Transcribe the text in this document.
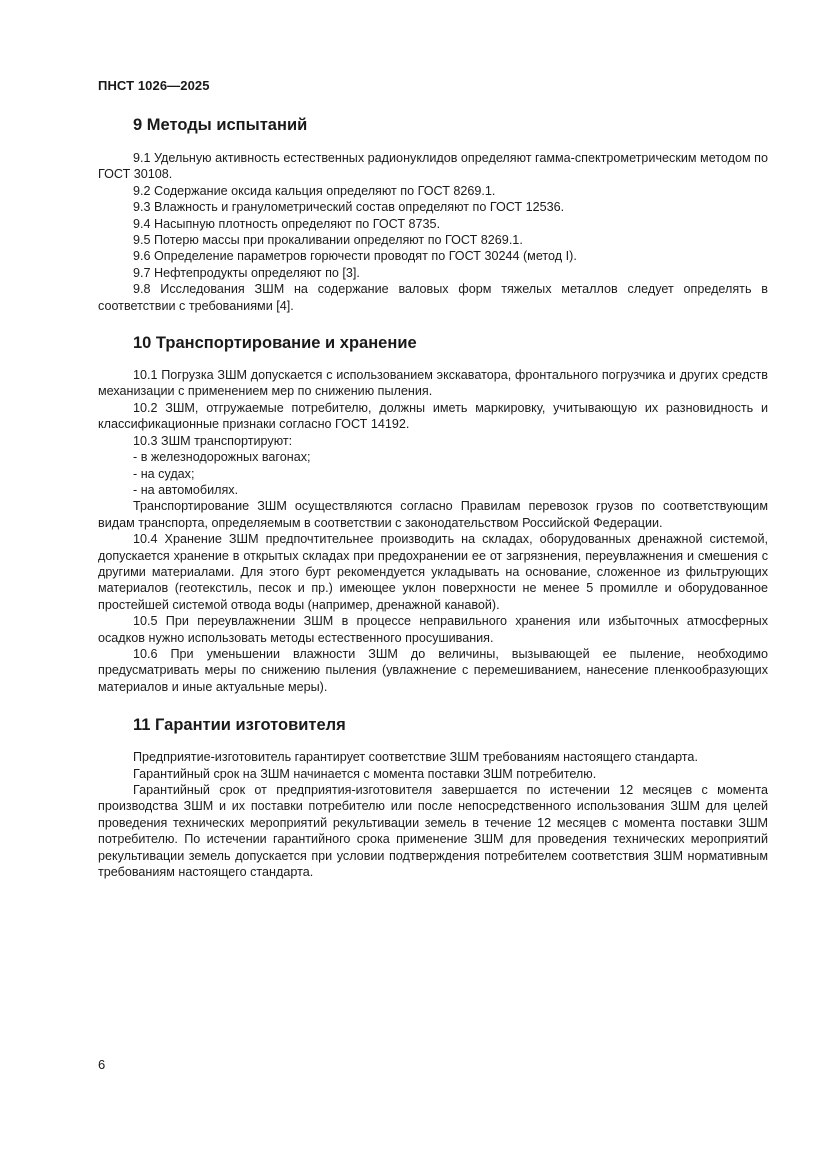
ПНСТ 1026—2025
9 Методы испытаний

9.1 Удельную активность естественных радионуклидов определяют гамма-спектрометрическим методом по ГОСТ 30108.

9.2 Содержание оксида кальция определяют по ГОСТ 8269.1.

9.3 Влажность и гранулометрический состав определяют по ГОСТ 12536.

9.4 Насыпную плотность определяют по ГОСТ 8735.

9.5 Потерю массы при прокаливании определяют по ГОСТ 8269.1.

9.6 Определение параметров горючести проводят по ГОСТ 30244 (метод I).

9.7 Нефтепродукты определяют по [3].

9.8 Исследования ЗШМ на содержание валовых форм тяжелых металлов следует определять в соответствии с требованиями [4].

10 Транспортирование и хранение

10.1 Погрузка ЗШМ допускается с использованием экскаватора, фронтального погрузчика и других средств механизации с применением мер по снижению пыления.

10.2 ЗШМ, отгружаемые потребителю, должны иметь маркировку, учитывающую их разновидность и классификационные признаки согласно ГОСТ 14192.

10.3 ЗШМ транспортируют:

- в железнодорожных вагонах;

- на судах;

- на автомобилях.

Транспортирование ЗШМ осуществляются согласно Правилам перевозок грузов по соответствующим видам транспорта, определяемым в соответствии с законодательством Российской Федерации.

10.4 Хранение ЗШМ предпочтительнее производить на складах, оборудованных дренажной системой, допускается хранение в открытых складах при предохранении ее от загрязнения, переувлажнения и смешения с другими материалами. Для этого бурт рекомендуется укладывать на основание, сложенное из фильтрующих материалов (геотекстиль, песок и пр.) имеющее уклон поверхности не менее 5 промилле и оборудованное простейшей системой отвода воды (например, дренажной канавой).

10.5 При переувлажнении ЗШМ в процессе неправильного хранения или избыточных атмосферных осадков нужно использовать методы естественного просушивания.

10.6 При уменьшении влажности ЗШМ до величины, вызывающей ее пыление, необходимо предусматривать меры по снижению пыления (увлажнение с перемешиванием, нанесение пленкообразующих материалов и иные актуальные меры).

11 Гарантии изготовителя

Предприятие-изготовитель гарантирует соответствие ЗШМ требованиям настоящего стандарта.

Гарантийный срок на ЗШМ начинается с момента поставки ЗШМ потребителю.

Гарантийный срок от предприятия-изготовителя завершается по истечении 12 месяцев с момента производства ЗШМ и их поставки потребителю или после непосредственного использования ЗШМ для целей проведения технических мероприятий рекультивации земель в течение 12 месяцев с момента поставки ЗШМ потребителю. По истечении гарантийного срока применение ЗШМ для проведения технических мероприятий рекультивации земель допускается при условии подтверждения потребителем соответствия ЗШМ нормативным требованиям настоящего стандарта.

6
